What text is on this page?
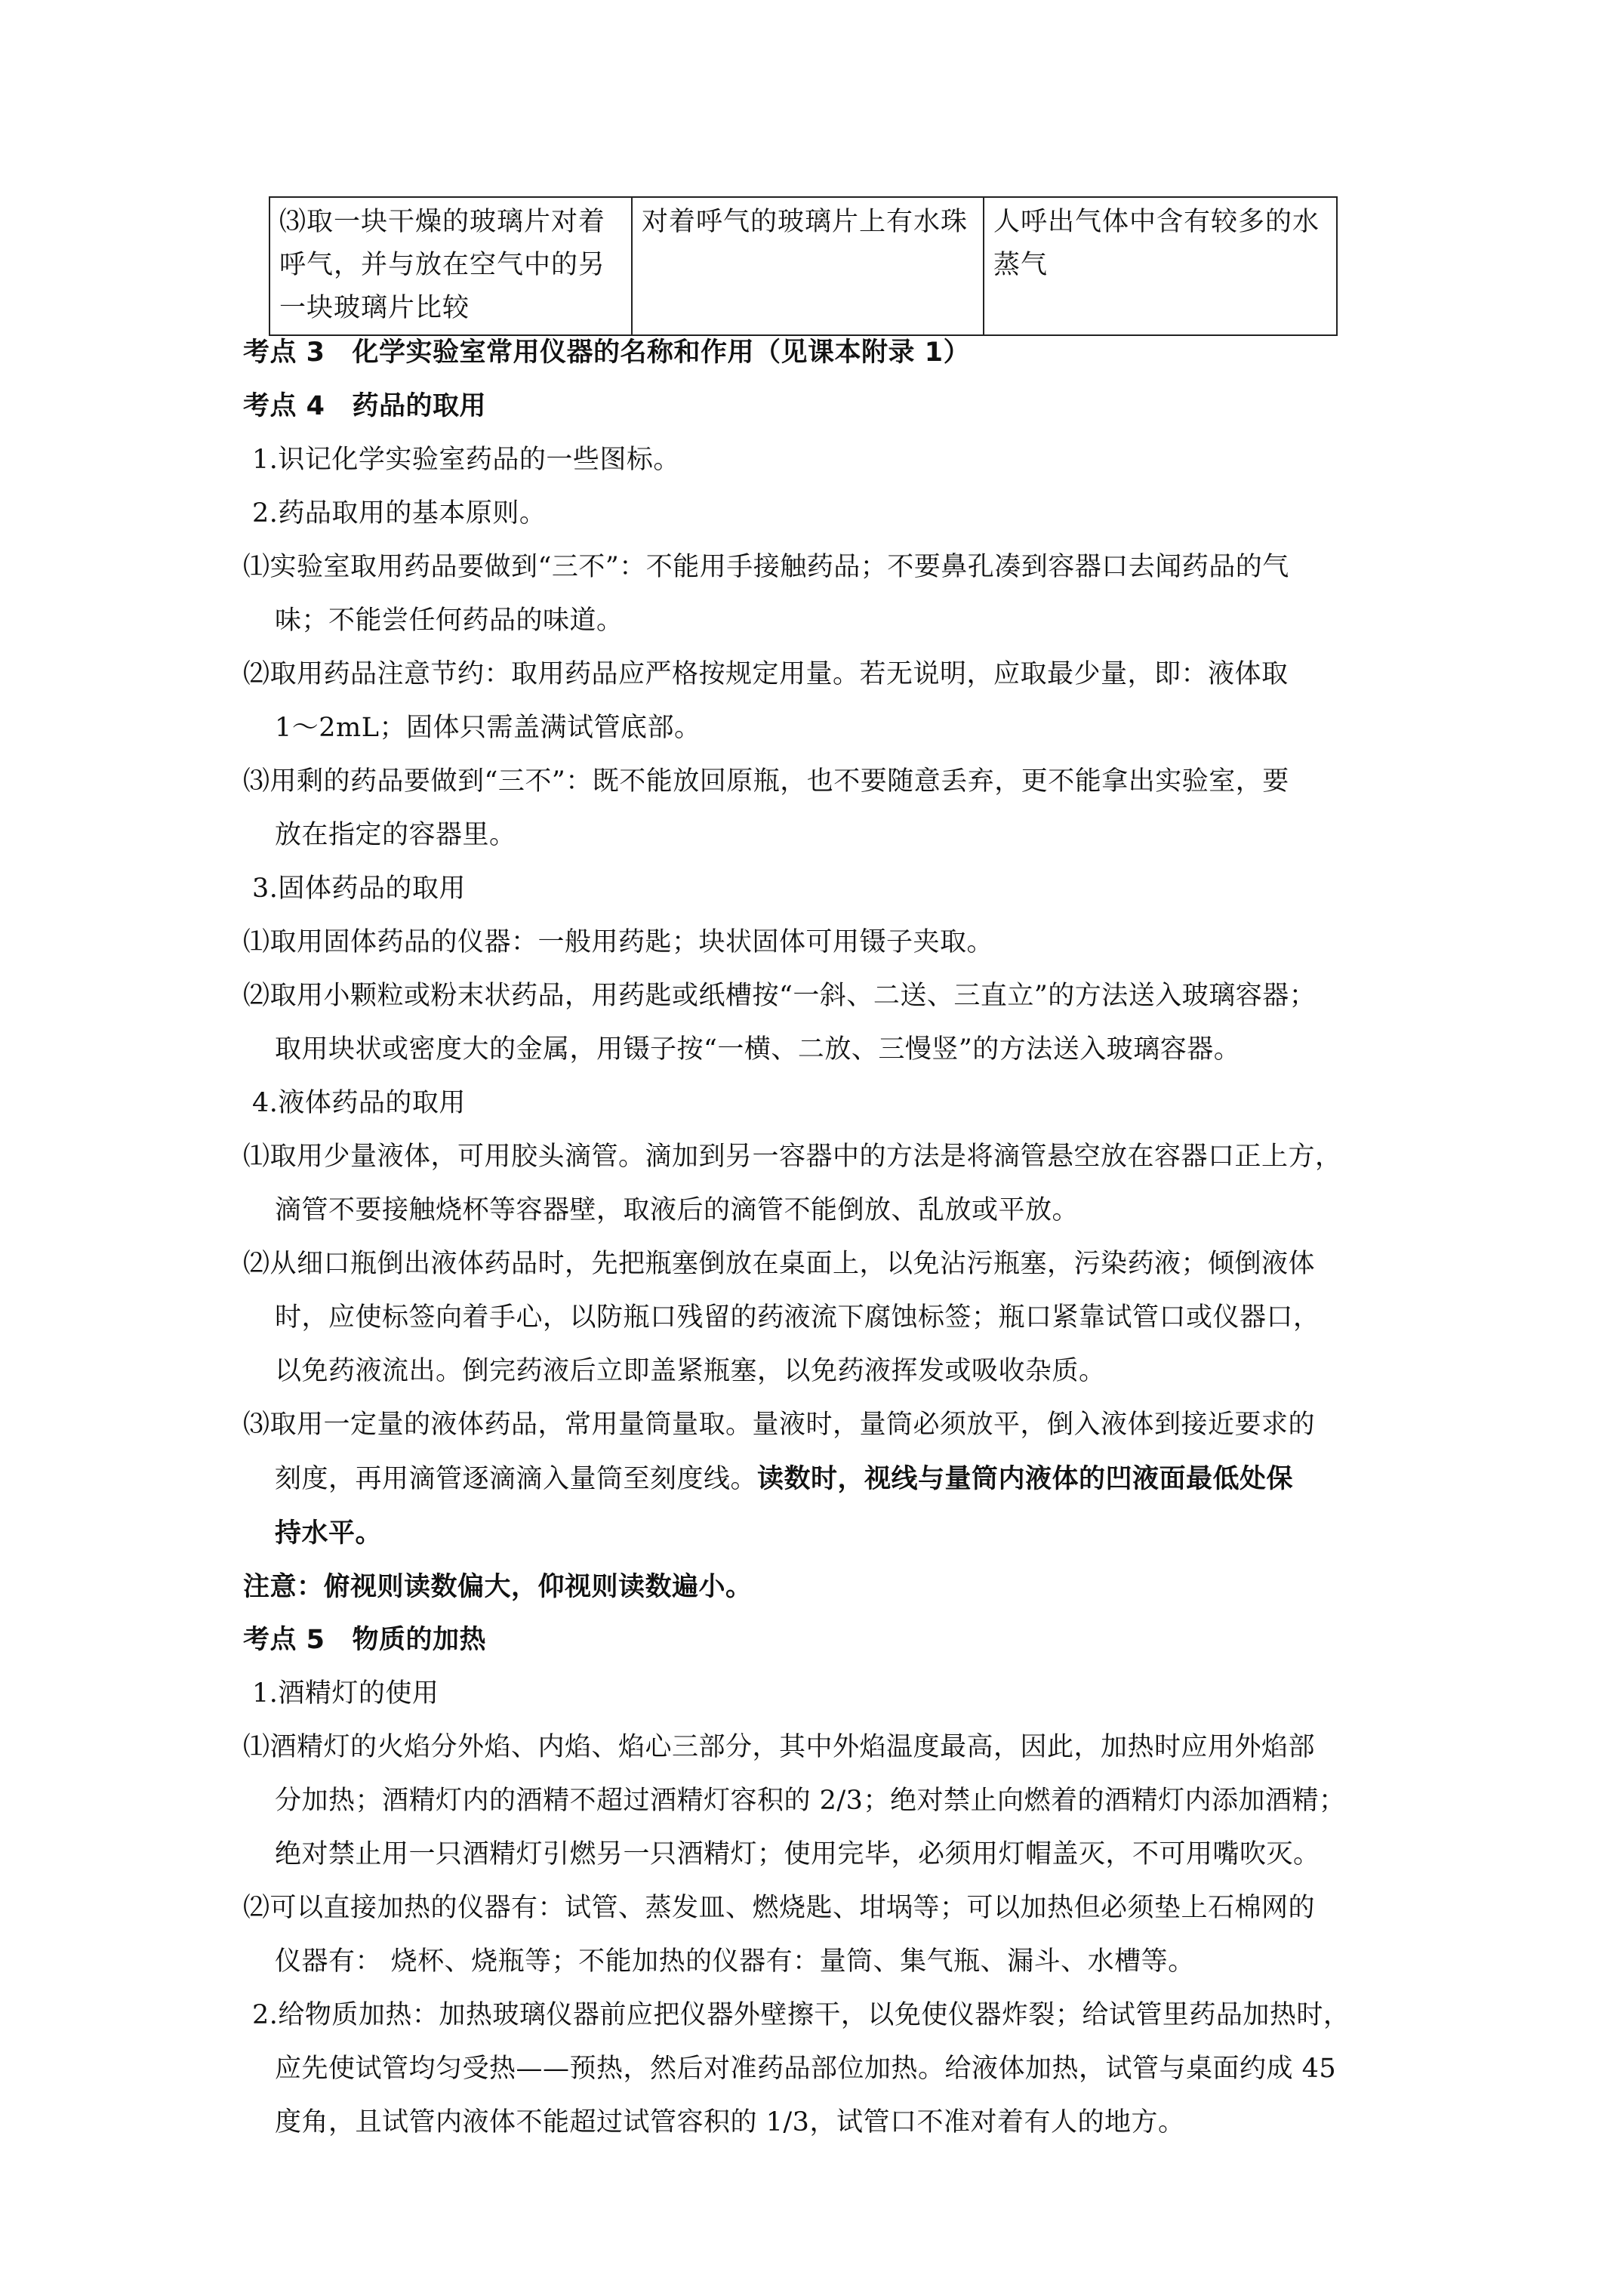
⑶取一块干燥的玻璃片对着呼气，并与放在空气中的另一块玻璃片比较	对着呼气的玻璃片上有水珠	人呼出气体中含有较多的水蒸气
考点 3 化学实验室常用仪器的名称和作用（见课本附录 1）
考点 4 药品的取用
1.识记化学实验室药品的一些图标。
2.药品取用的基本原则。
⑴实验室取用药品要做到“三不”：不能用手接触药品；不要鼻孔凑到容器口去闻药品的气
味；不能尝任何药品的味道。
⑵取用药品注意节约：取用药品应严格按规定用量。若无说明，应取最少量，即：液体取
1～2mL；固体只需盖满试管底部。
⑶用剩的药品要做到“三不”：既不能放回原瓶，也不要随意丢弃，更不能拿出实验室，要
放在指定的容器里。
3.固体药品的取用
⑴取用固体药品的仪器：一般用药匙；块状固体可用镊子夹取。
⑵取用小颗粒或粉末状药品，用药匙或纸槽按“一斜、二送、三直立”的方法送入玻璃容器；
取用块状或密度大的金属，用镊子按“一横、二放、三慢竖”的方法送入玻璃容器。
4.液体药品的取用
⑴取用少量液体，可用胶头滴管。滴加到另一容器中的方法是将滴管悬空放在容器口正上方，
滴管不要接触烧杯等容器壁，取液后的滴管不能倒放、乱放或平放。
⑵从细口瓶倒出液体药品时，先把瓶塞倒放在桌面上，以免沾污瓶塞，污染药液；倾倒液体
时，应使标签向着手心，以防瓶口残留的药液流下腐蚀标签；瓶口紧靠试管口或仪器口，
以免药液流出。倒完药液后立即盖紧瓶塞，以免药液挥发或吸收杂质。
⑶取用一定量的液体药品，常用量筒量取。量液时，量筒必须放平，倒入液体到接近要求的
刻度，再用滴管逐滴滴入量筒至刻度线。读数时，视线与量筒内液体的凹液面最低处保
持水平。
注意：俯视则读数偏大，仰视则读数遍小。
考点 5 物质的加热
1.酒精灯的使用
⑴酒精灯的火焰分外焰、内焰、焰心三部分，其中外焰温度最高，因此，加热时应用外焰部
分加热；酒精灯内的酒精不超过酒精灯容积的 2/3；绝对禁止向燃着的酒精灯内添加酒精；
绝对禁止用一只酒精灯引燃另一只酒精灯；使用完毕，必须用灯帽盖灭，不可用嘴吹灭。
⑵可以直接加热的仪器有：试管、蒸发皿、燃烧匙、坩埚等；可以加热但必须垫上石棉网的
仪器有： 烧杯、烧瓶等；不能加热的仪器有：量筒、集气瓶、漏斗、水槽等。
2.给物质加热：加热玻璃仪器前应把仪器外壁擦干，以免使仪器炸裂；给试管里药品加热时，
应先使试管均匀受热——预热，然后对准药品部位加热。给液体加热，试管与桌面约成 45
度角，且试管内液体不能超过试管容积的 1/3，试管口不准对着有人的地方。
